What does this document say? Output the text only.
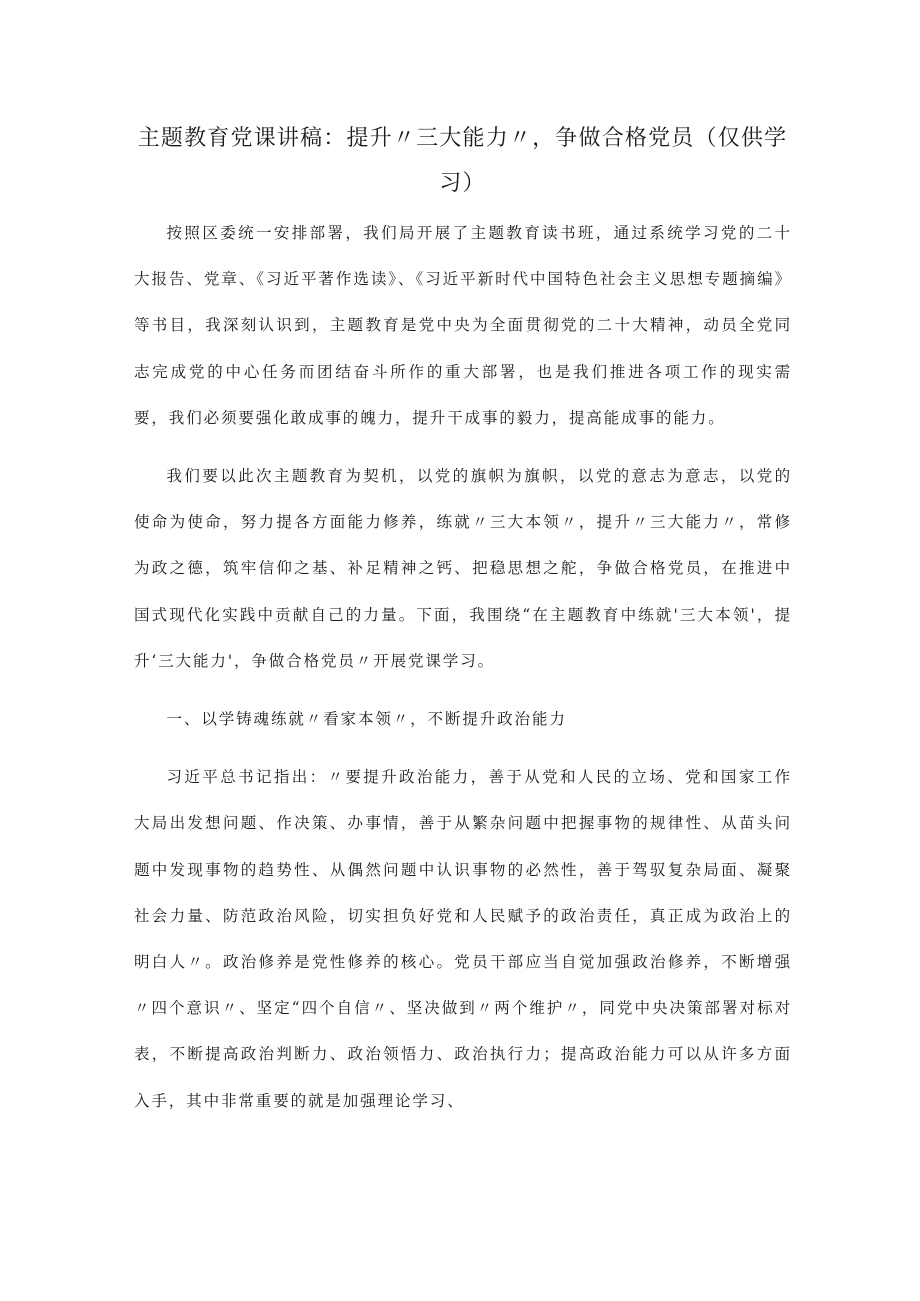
主题教育党课讲稿：提升〃三大能力〃，争做合格党员（仅供学习）

按照区委统一安排部署，我们局开展了主题教育读书班，通过系统学习党的二十大报告、党章、《习近平著作选读》、《习近平新时代中国特色社会主义思想专题摘编》等书目，我深刻认识到，主题教育是党中央为全面贯彻党的二十大精神，动员全党同志完成党的中心任务而团结奋斗所作的重大部署，也是我们推进各项工作的现实需要，我们必须要强化敢成事的魄力，提升干成事的毅力，提高能成事的能力。

我们要以此次主题教育为契机，以党的旗帜为旗帜，以党的意志为意志，以党的使命为使命，努力提各方面能力修养，练就〃三大本领〃，提升〃三大能力〃，常修为政之德，筑牢信仰之基、补足精神之钙、把稳思想之舵，争做合格党员，在推进中国式现代化实践中贡献自己的力量。下面，我围绕“在主题教育中练就'三大本领'，提升‘三大能力'，争做合格党员〃开展党课学习。

一、以学铸魂练就〃看家本领〃，不断提升政治能力

习近平总书记指出：〃要提升政治能力，善于从党和人民的立场、党和国家工作大局出发想问题、作决策、办事情，善于从繁杂问题中把握事物的规律性、从苗头问题中发现事物的趋势性、从偶然问题中认识事物的必然性，善于驾驭复杂局面、凝聚社会力量、防范政治风险，切实担负好党和人民赋予的政治责任，真正成为政治上的明白人〃。政治修养是党性修养的核心。党员干部应当自觉加强政治修养，不断增强〃四个意识〃、坚定“四个自信〃、坚决做到〃两个维护〃，同党中央决策部署对标对表，不断提高政治判断力、政治领悟力、政治执行力；提高政治能力可以从许多方面入手，其中非常重要的就是加强理论学习、
